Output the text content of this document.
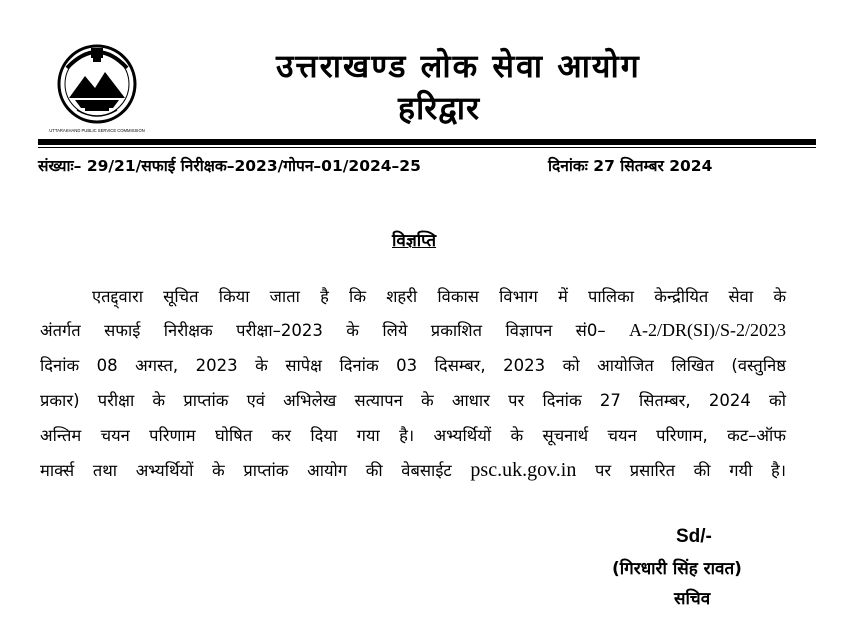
UTTARAKHAND PUBLIC SERVICE COMMISSION
उत्तराखण्ड लोक सेवा आयोग
हरिद्वार
संख्याः– 29/21/सफाई निरीक्षक–2023/गोपन–01/2024–25	दिनांकः 27 सितम्बर 2024
विज्ञप्ति
एतद्द्वारा सूचित किया जाता है कि शहरी विकास विभाग में पालिका केन्द्रीयित सेवा के
अंतर्गत सफाई निरीक्षक परीक्षा–2023 के लिये प्रकाशित विज्ञापन सं0– A-2/DR(SI)/S-2/2023
दिनांक 08 अगस्त, 2023 के सापेक्ष दिनांक 03 दिसम्बर, 2023 को आयोजित लिखित (वस्तुनिष्ठ
प्रकार) परीक्षा के प्राप्तांक एवं अभिलेख सत्यापन के आधार पर दिनांक 27 सितम्बर, 2024 को
अन्तिम चयन परिणाम घोषित कर दिया गया है। अभ्यर्थियों के सूचनार्थ चयन परिणाम, कट–ऑफ
मार्क्स तथा अभ्यर्थियों के प्राप्तांक आयोग की वेबसाईट psc.uk.gov.in पर प्रसारित की गयी है।
Sd/-
(गिरधारी सिंह रावत)
सचिव
